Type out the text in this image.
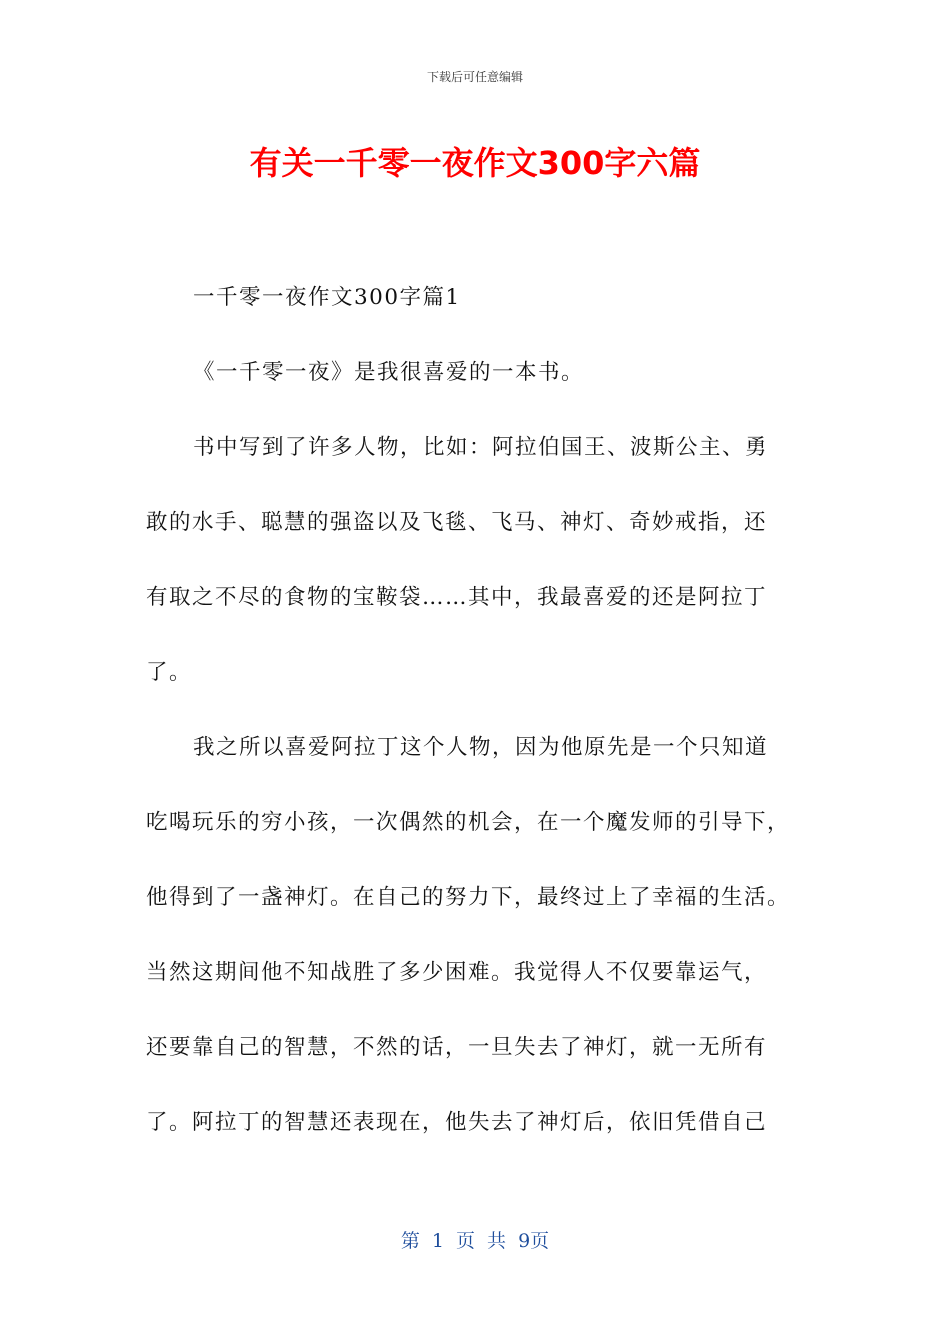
下载后可任意编辑
有关一千零一夜作文300字六篇
一千零一夜作文300字篇1
《一千零一夜》是我很喜爱的一本书。
书中写到了许多人物，比如：阿拉伯国王、波斯公主、勇
敢的水手、聪慧的强盗以及飞毯、飞马、神灯、奇妙戒指，还
有取之不尽的食物的宝鞍袋……其中，我最喜爱的还是阿拉丁
了。
我之所以喜爱阿拉丁这个人物，因为他原先是一个只知道
吃喝玩乐的穷小孩，一次偶然的机会，在一个魔发师的引导下，
他得到了一盏神灯。在自己的努力下，最终过上了幸福的生活。
当然这期间他不知战胜了多少困难。我觉得人不仅要靠运气，
还要靠自己的智慧，不然的话，一旦失去了神灯，就一无所有
了。阿拉丁的智慧还表现在，他失去了神灯后，依旧凭借自己
第 1 页 共 9页
